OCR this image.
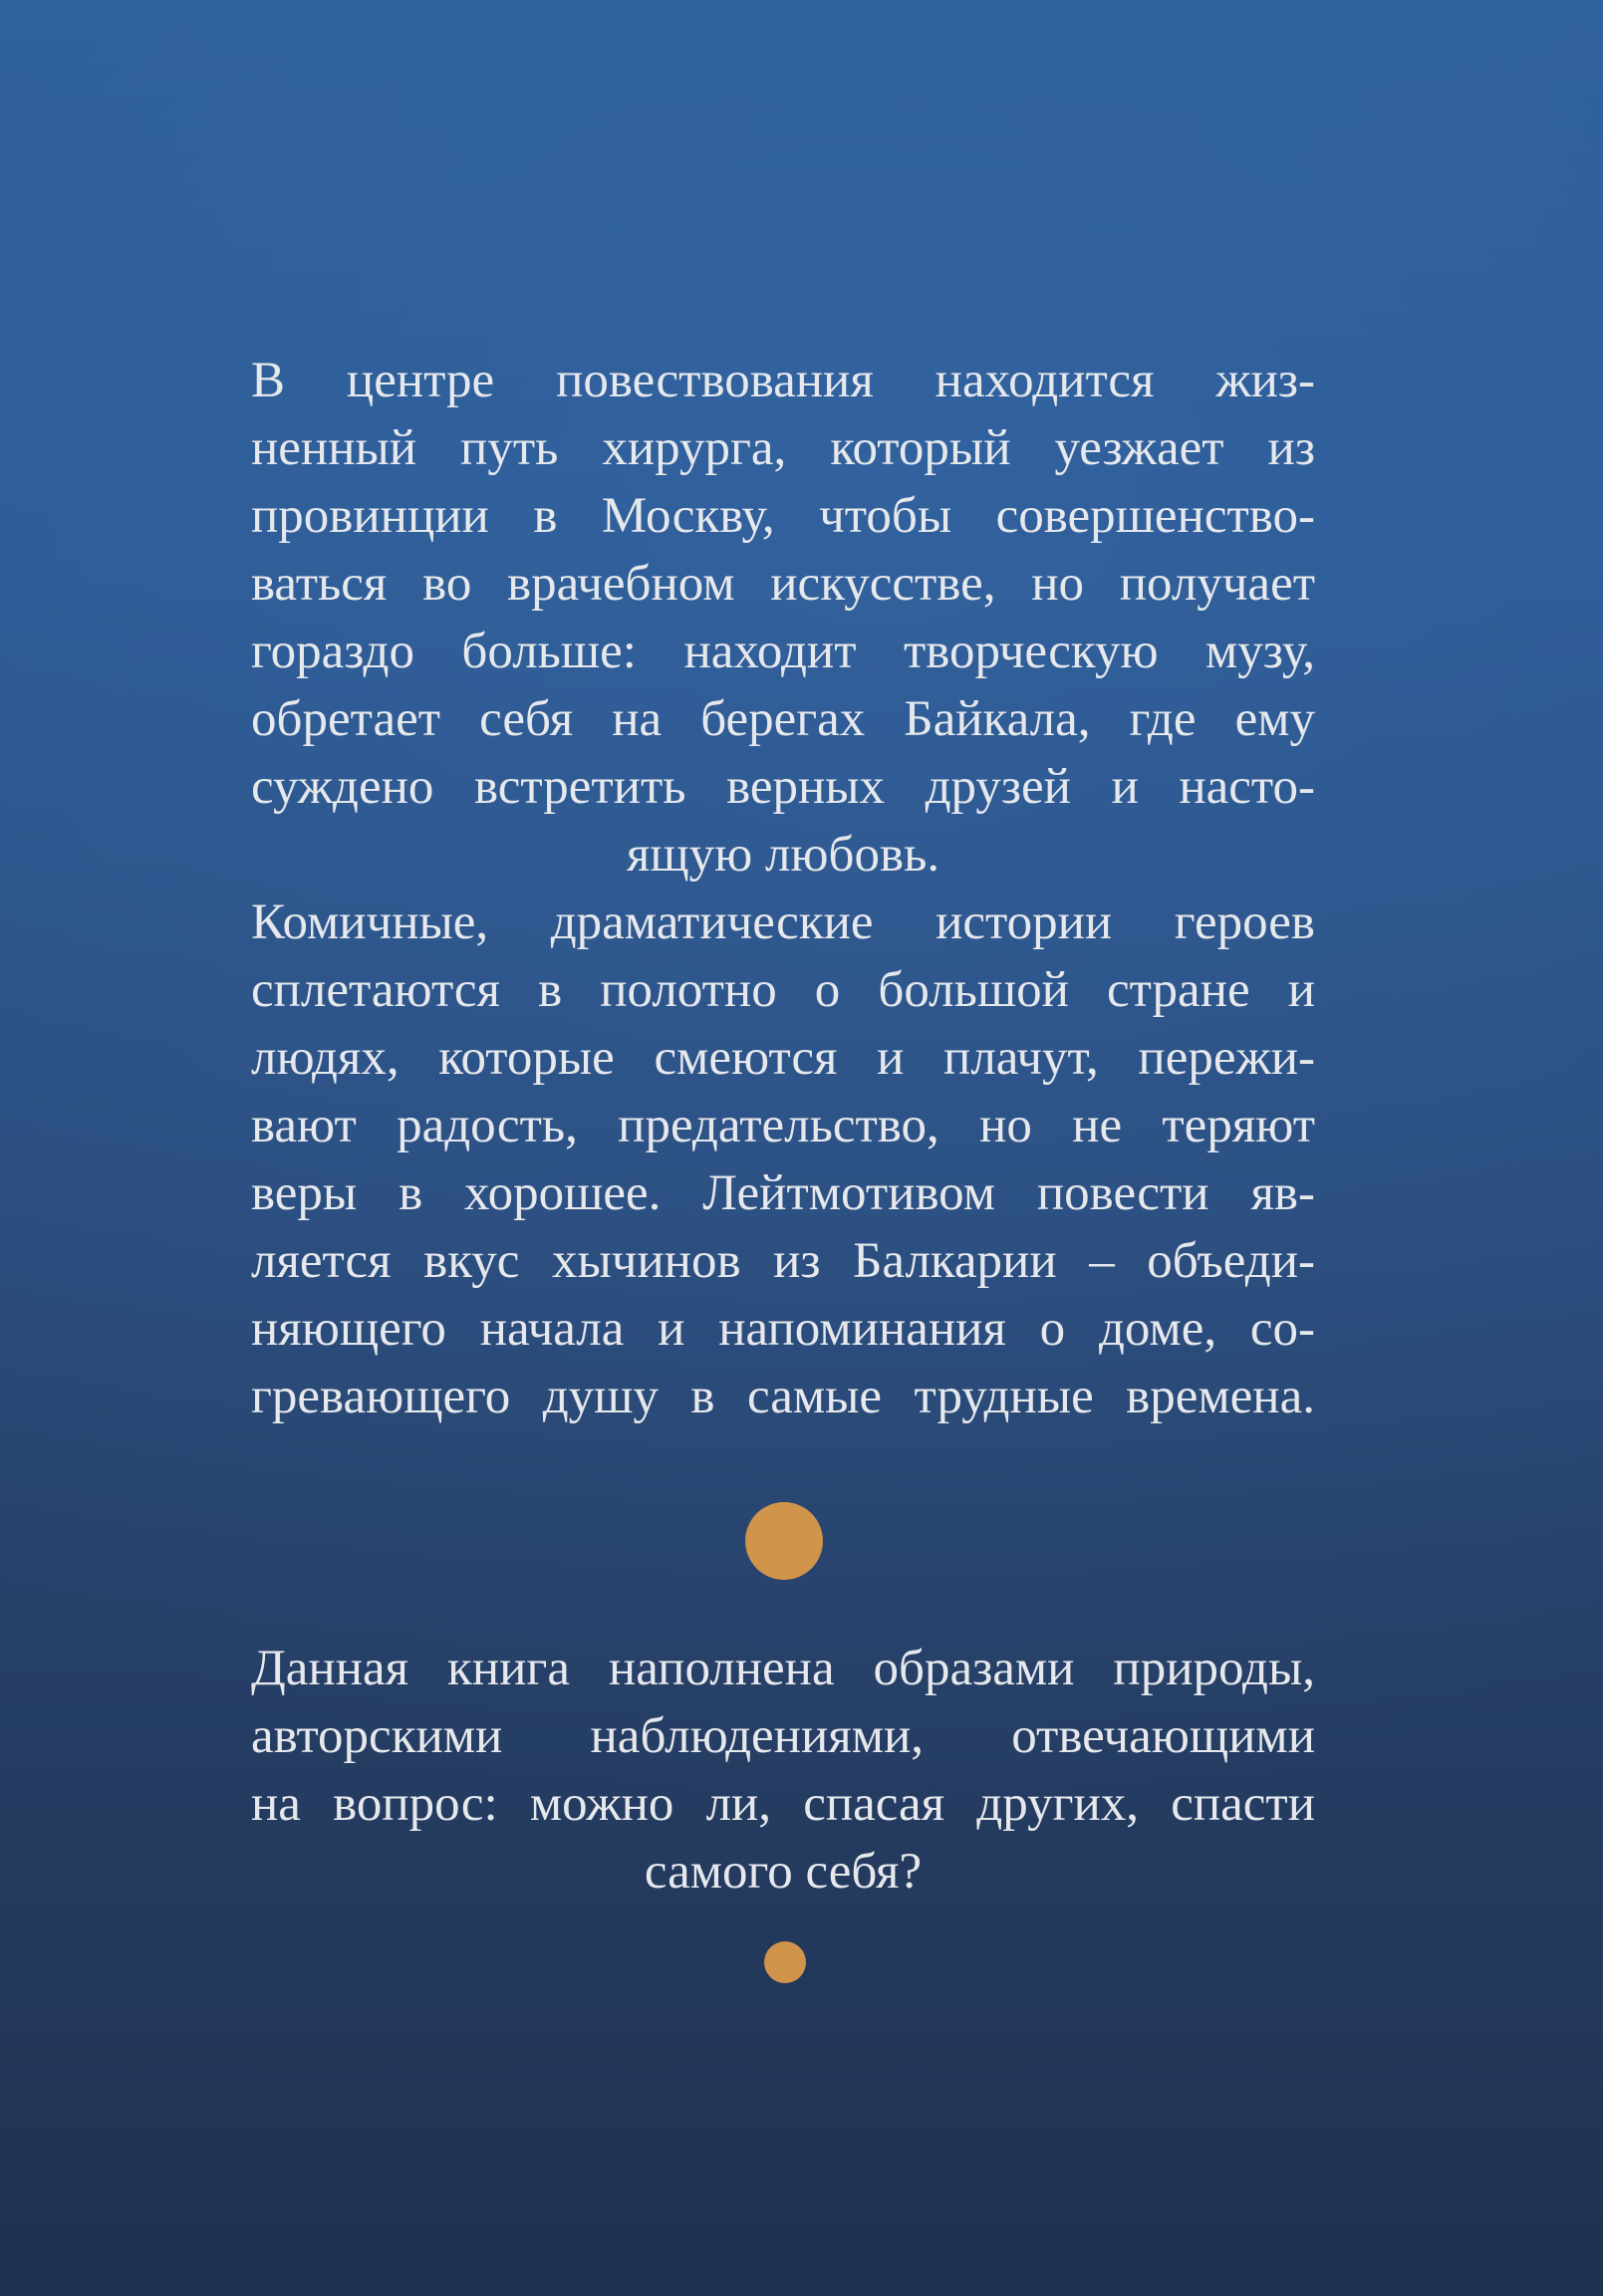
В центре повествования находится жиз-
ненный путь хирурга, который уезжает из
провинции в Москву, чтобы совершенство-
ваться во врачебном искусстве, но получает
гораздо больше: находит творческую музу,
обретает себя на берегах Байкала, где ему
суждено встретить верных друзей и насто-
ящую любовь.
Комичные, драматические истории героев
сплетаются в полотно о большой стране и
людях, которые смеются и плачут, пережи-
вают радость, предательство, но не теряют
веры в хорошее. Лейтмотивом повести яв-
ляется вкус хычинов из Балкарии – объеди-
няющего начала и напоминания о доме, со-
гревающего душу в самые трудные времена.
Данная книга наполнена образами природы,
авторскими наблюдениями, отвечающими
на вопрос: можно ли, спасая других, спасти
самого себя?
